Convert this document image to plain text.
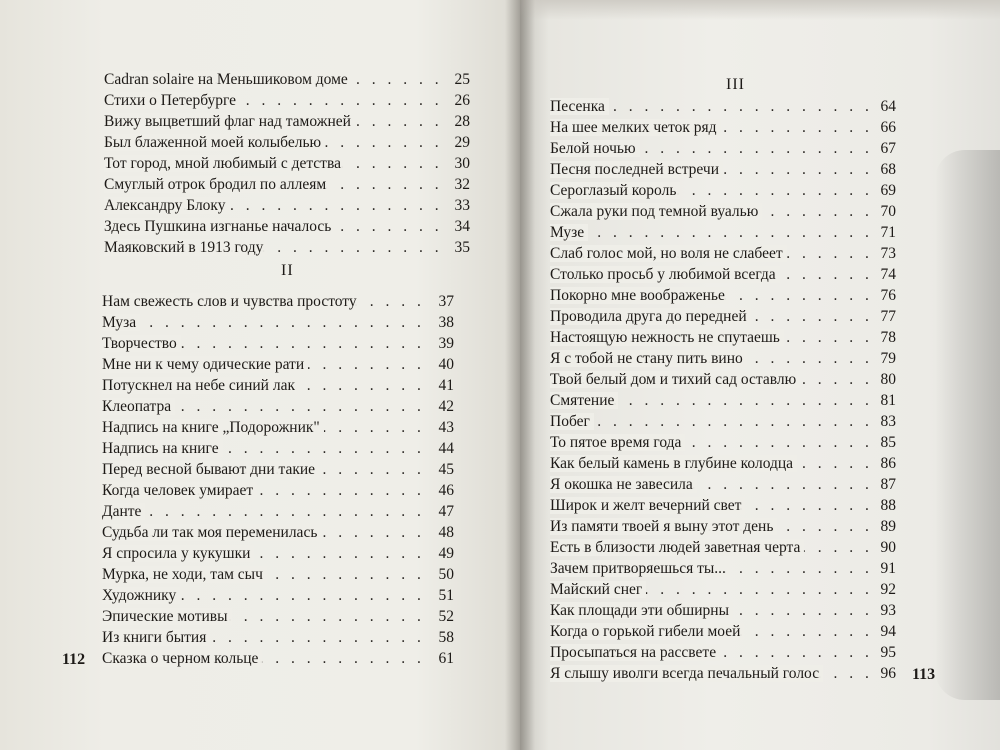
. . .
Cadran solaire на Меньшиковом доме	25
. . .
Стихи о Петербурге	26
. . .
Вижу выцветший флаг над таможней	28
. . .
Был блаженной моей колыбелью	29
. . .
Тот город, мной любимый с детства	30
. . .
Смуглый отрок бродил по аллеям	32
. . .
Александру Блоку	33
. . .
Здесь Пушкина изгнанье началось	34
. . .
Маяковский в 1913 году	35
II
. . .
Нам свежесть слов и чувства простоту	37
. . .
Муза	38
. . .
Творчество	39
. . .
Мне ни к чему одические рати	40
. . .
Потускнел на небе синий лак	41
. . .
Клеопатра	42
. . .
Надпись на книге „Подорожник"	43
. . .
Надпись на книге	44
. . .
Перед весной бывают дни такие	45
. . .
Когда человек умирает	46
. . .
Данте	47
. . .
Судьба ли так моя переменилась	48
. . .
Я спросила у кукушки	49
. . .
Мурка, не ходи, там сыч	50
. . .
Художнику	51
. . .
Эпические мотивы	52
. . .
Из книги бытия	58
. . .
Сказка о черном кольце	61
112
III
. . .
Песенка	64
. . .
На шее мелких четок ряд	66
. . .
Белой ночью	67
. . .
Песня последней встречи	68
. . .
Сероглазый король	69
. . .
Сжала руки под темной вуалью	70
. . .
Музе	71
. . .
Слаб голос мой, но воля не слабеет	73
. . .
Столько просьб у любимой всегда	74
. . .
Покорно мне воображенье	76
. . .
Проводила друга до передней	77
. . .
Настоящую нежность не спутаешь	78
. . .
Я с тобой не стану пить вино	79
. . .
Твой белый дом и тихий сад оставлю	80
. . .
Смятение	81
. . .
Побег	83
. . .
То пятое время года	85
. . .
Как белый камень в глубине колодца	86
. . .
Я окошка не завесила	87
. . .
Широк и желт вечерний свет	88
. . .
Из памяти твоей я выну этот день	89
. . .
Есть в близости людей заветная черта	90
. . .
Зачем притворяешься ты...	91
. . .
Майский снег	92
. . .
Как площади эти обширны	93
. . .
Когда о горькой гибели моей	94
. . .
Просыпаться на рассвете	95
. . .
Я слышу иволги всегда печальный голос	96 113
